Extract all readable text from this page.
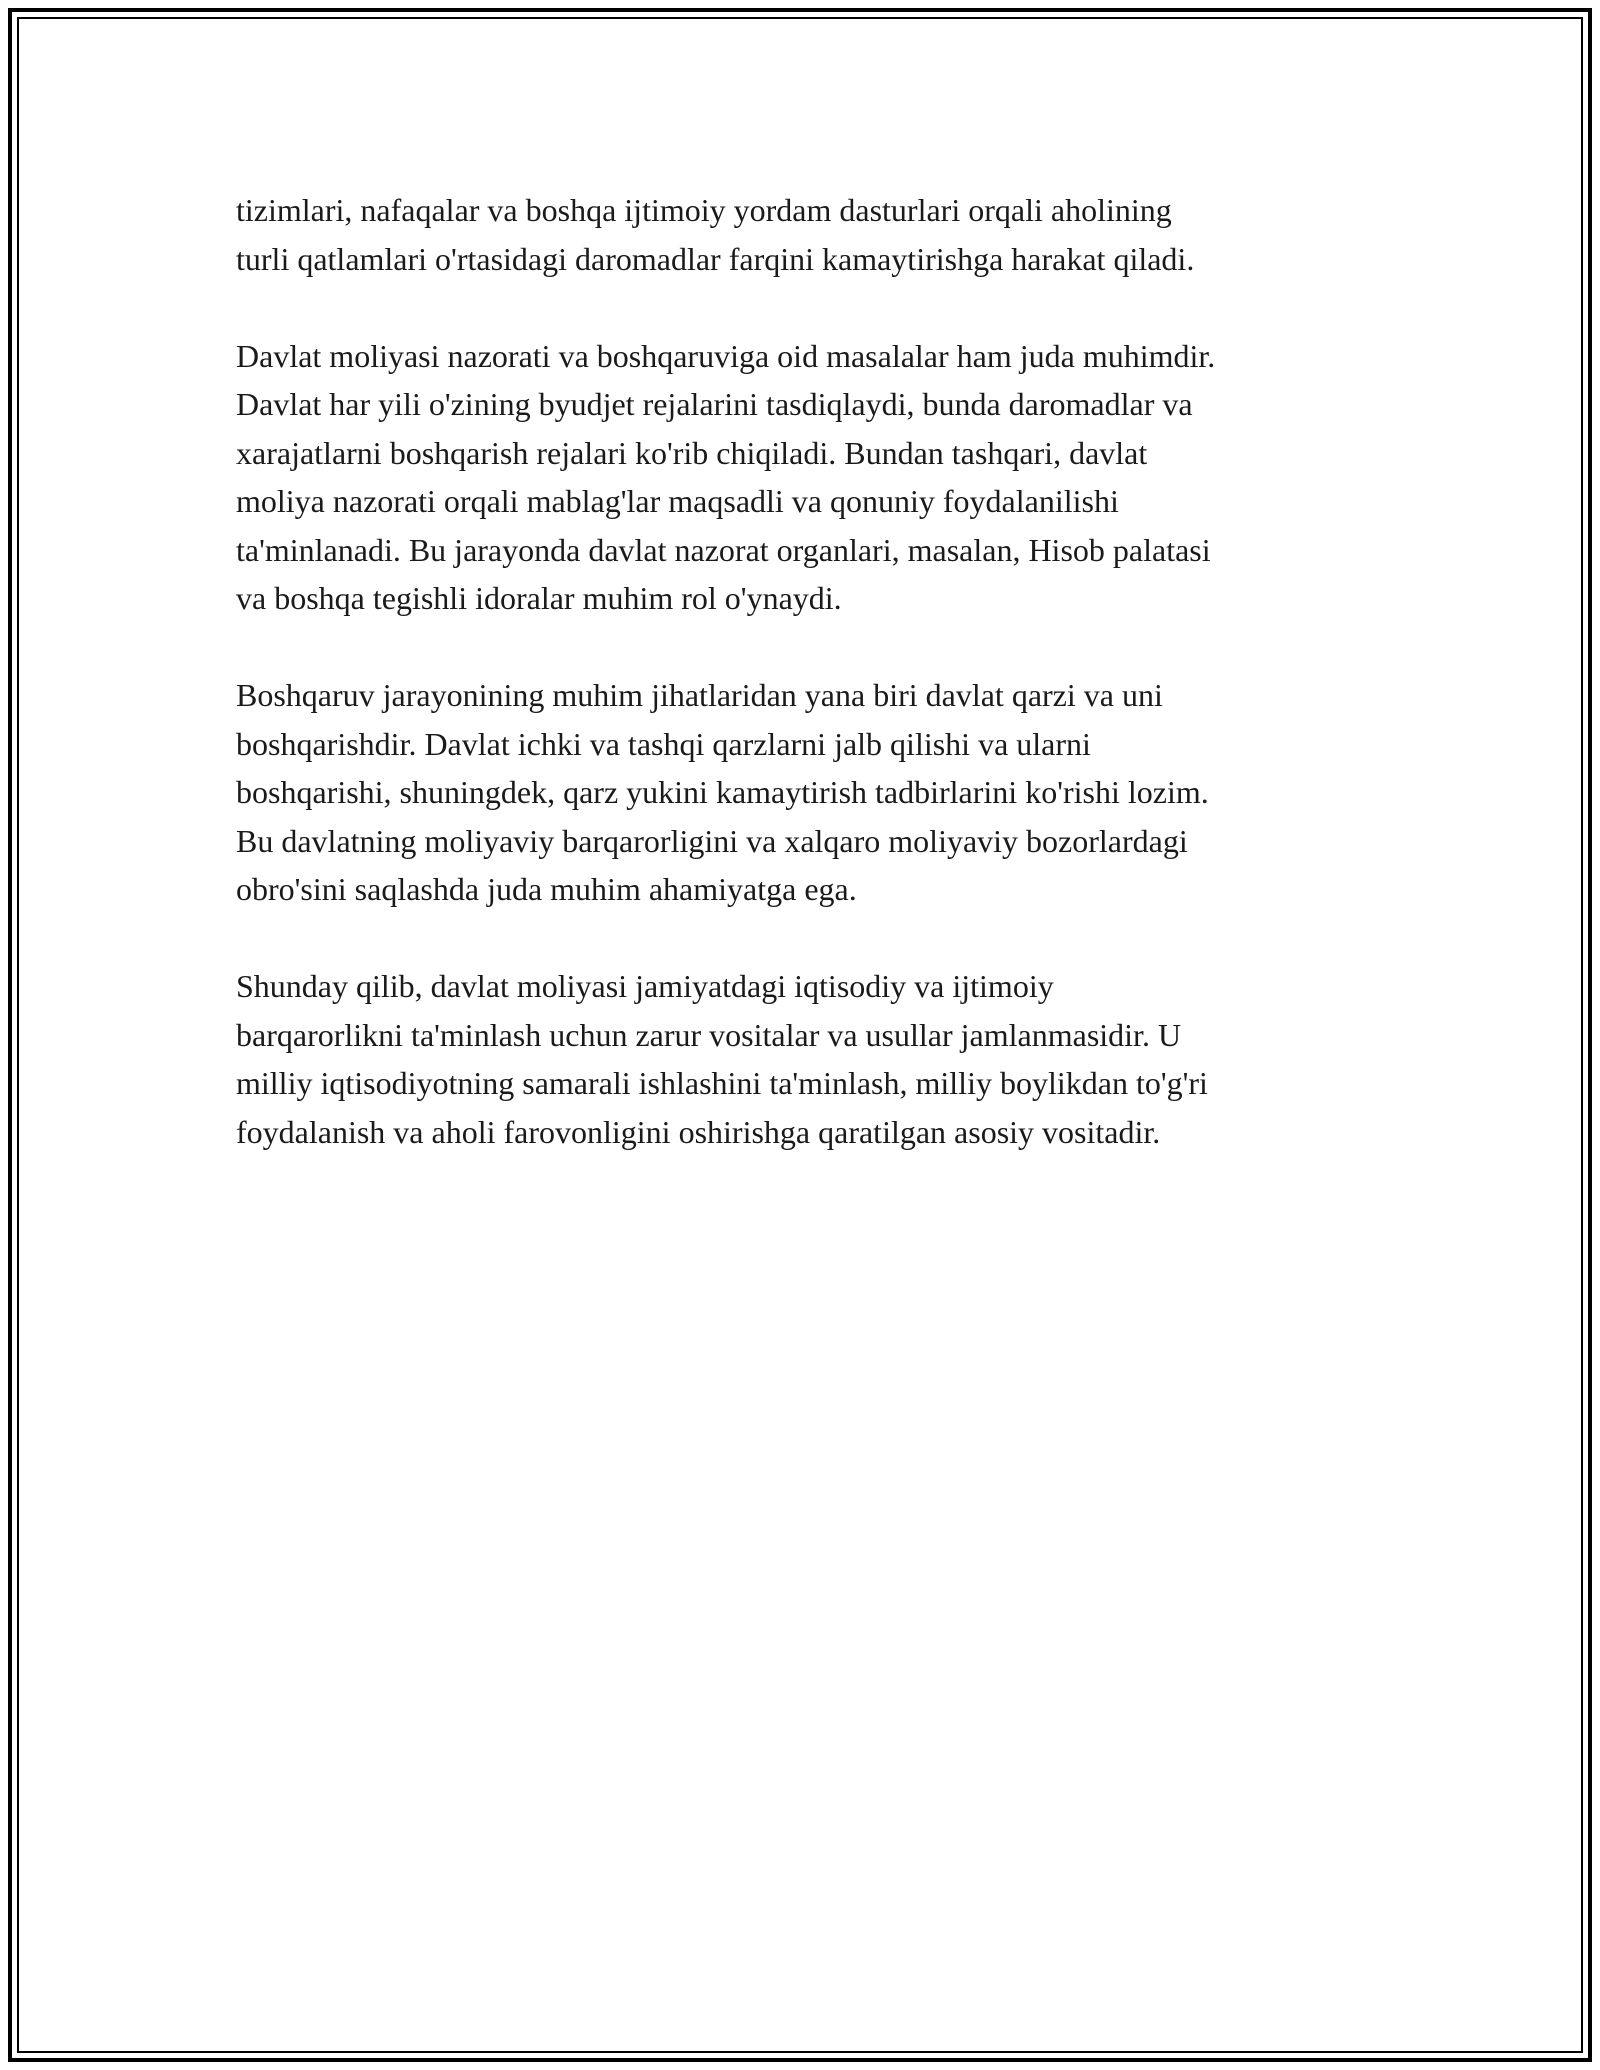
tizimlari, nafaqalar va boshqa ijtimoiy yordam dasturlari orqali aholining
turli qatlamlari o'rtasidagi daromadlar farqini kamaytirishga harakat qiladi.

Davlat moliyasi nazorati va boshqaruviga oid masalalar ham juda muhimdir.
Davlat har yili o'zining byudjet rejalarini tasdiqlaydi, bunda daromadlar va
xarajatlarni boshqarish rejalari ko'rib chiqiladi. Bundan tashqari, davlat
moliya nazorati orqali mablag'lar maqsadli va qonuniy foydalanilishi
ta'minlanadi. Bu jarayonda davlat nazorat organlari, masalan, Hisob palatasi
va boshqa tegishli idoralar muhim rol o'ynaydi.

Boshqaruv jarayonining muhim jihatlaridan yana biri davlat qarzi va uni
boshqarishdir. Davlat ichki va tashqi qarzlarni jalb qilishi va ularni
boshqarishi, shuningdek, qarz yukini kamaytirish tadbirlarini ko'rishi lozim.
Bu davlatning moliyaviy barqarorligini va xalqaro moliyaviy bozorlardagi
obro'sini saqlashda juda muhim ahamiyatga ega.

Shunday qilib, davlat moliyasi jamiyatdagi iqtisodiy va ijtimoiy
barqarorlikni ta'minlash uchun zarur vositalar va usullar jamlanmasidir. U
milliy iqtisodiyotning samarali ishlashini ta'minlash, milliy boylikdan to'g'ri
foydalanish va aholi farovonligini oshirishga qaratilgan asosiy vositadir.
